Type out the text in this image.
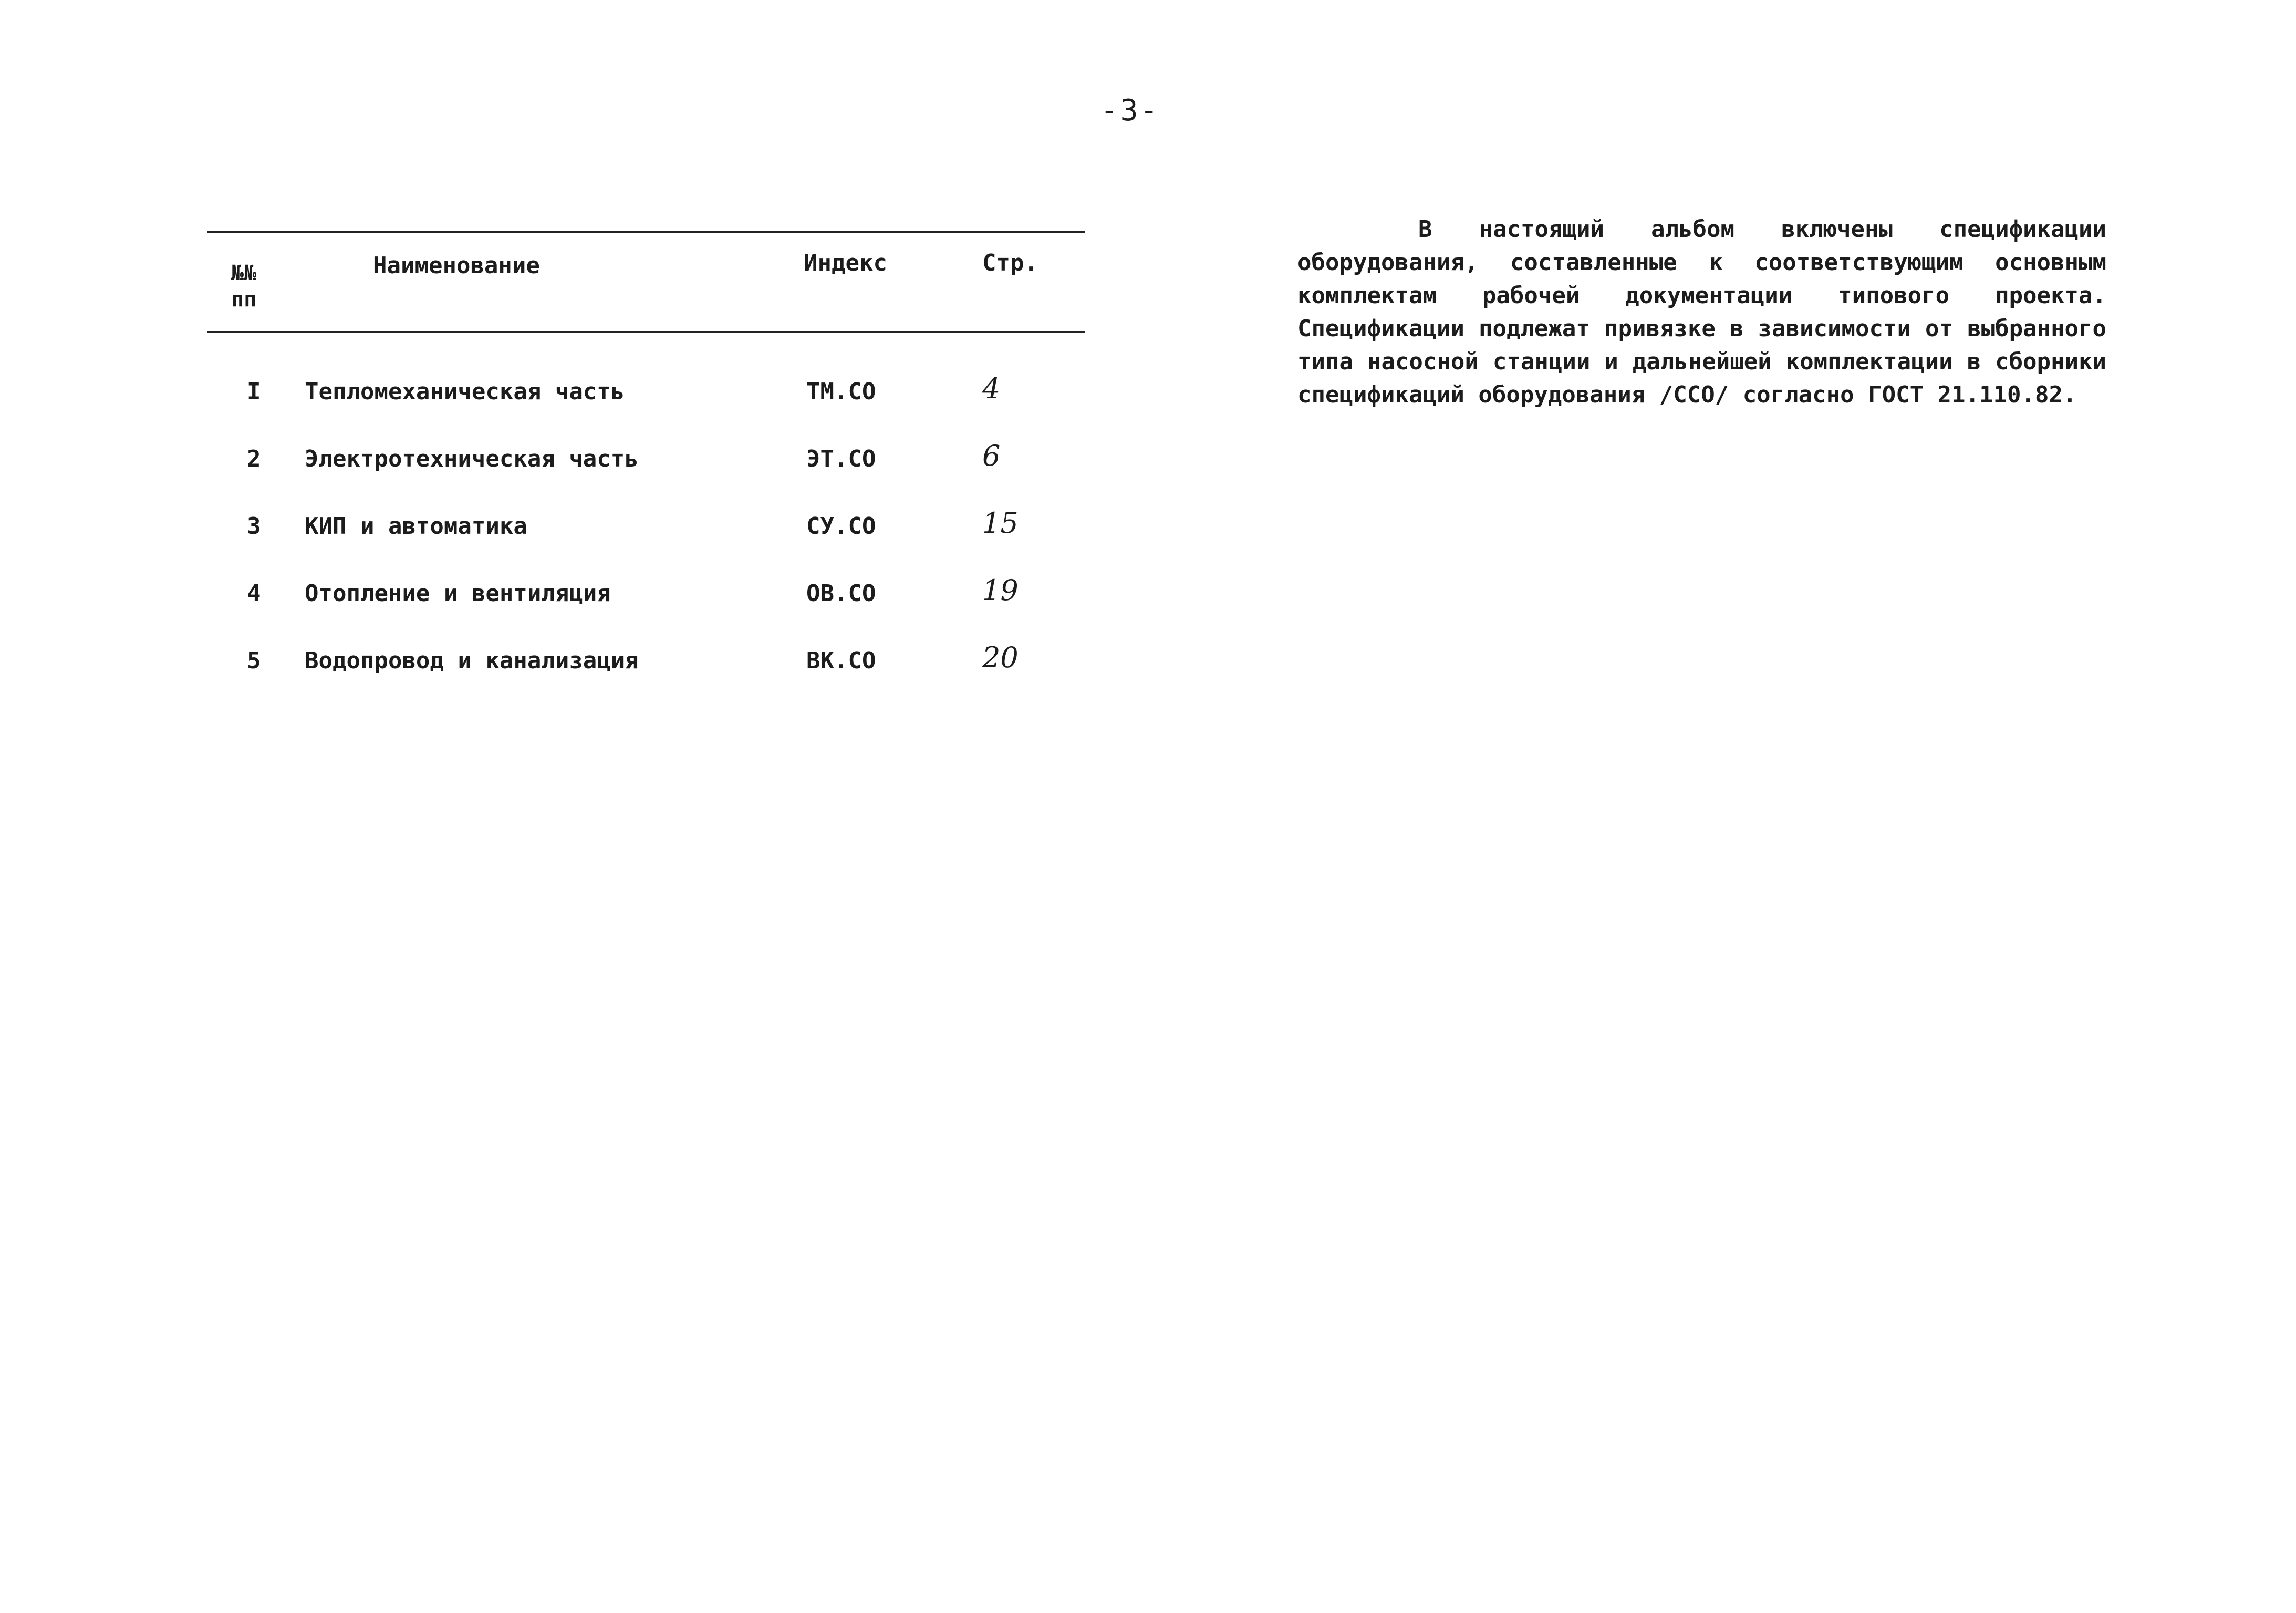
-3-
№№
пп
Наименование	Индекс	Стр.
I Тепломеханическая часть	ТМ.СО	4
2 Электротехническая часть	ЭТ.СО	6
3 КИП и автоматика	СУ.СО	15
4 Отопление и вентиляция	ОВ.СО	19
5 Водопровод и канализация	ВК.СО	20

В настоящий альбом включены спецификации оборудования, составленные к соответствующим основным комплектам рабочей документации типового проекта. Спецификации подлежат привязке в зависимости от выбранного типа насосной станции и дальнейшей комплектации в сборники спецификаций оборудования /ССО/ согласно ГОСТ 21.110.82.
